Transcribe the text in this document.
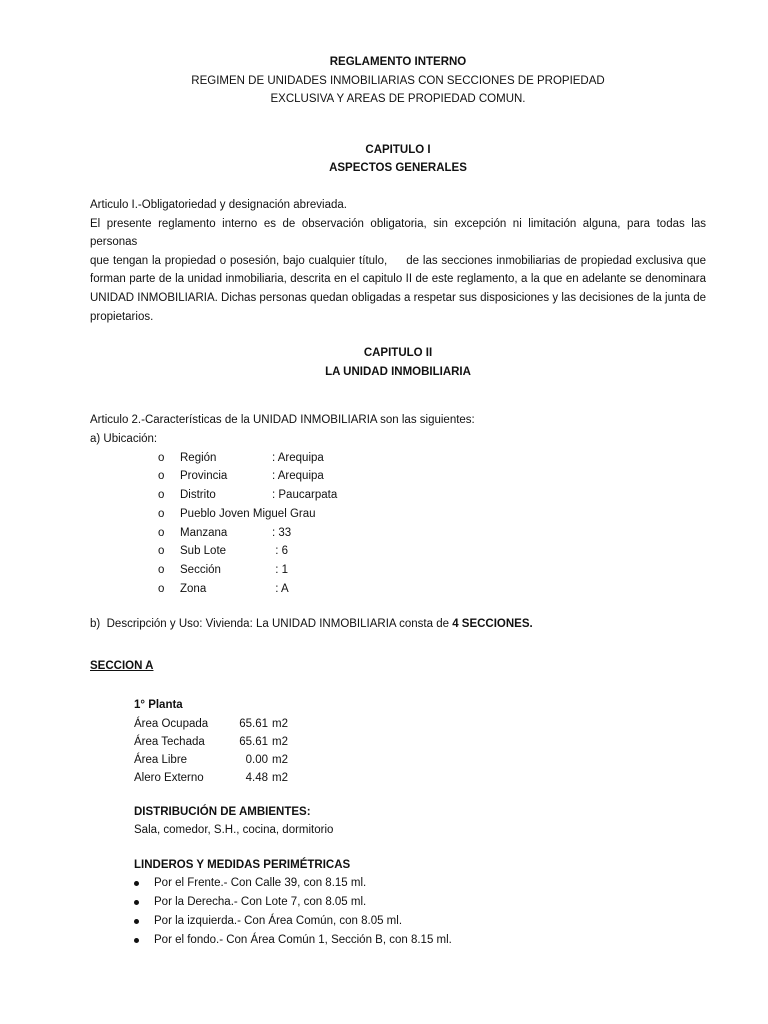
REGLAMENTO INTERNO

REGIMEN DE UNIDADES INMOBILIARIAS CON SECCIONES DE PROPIEDAD

EXCLUSIVA Y AREAS DE PROPIEDAD COMUN.

CAPITULO I

ASPECTOS GENERALES

Articulo I.-Obligatoriedad y designación abreviada.

El presente reglamento interno es de observación obligatoria, sin excepción ni limitación alguna, para todas las personas

que tengan la propiedad o posesión, bajo cualquier título,     de las secciones inmobiliarias de propiedad exclusiva que

forman parte de la unidad inmobiliaria, descrita en el capitulo II de este reglamento, a la que en adelante se denominara

UNIDAD INMOBILIARIA. Dichas personas quedan obligadas a respetar sus disposiciones y las decisiones de la junta de

propietarios.

CAPITULO II

LA UNIDAD INMOBILIARIA

Articulo 2.-Características de la UNIDAD INMOBILIARIA son las siguientes:

a) Ubicación:

o Región	: Arequipa
o Provincia	: Arequipa
o Distrito	: Paucarpata
o Pueblo Joven Miguel Grau
o Manzana	: 33
o Sub Lote	: 6
o Sección	: 1
o Zona	: A

b)  Descripción y Uso: Vivienda: La UNIDAD INMOBILIARIA consta de 4 SECCIONES.

SECCION A

1° Planta

Área Ocupada	65.61 m2
Área Techada	65.61 m2
Área Libre	0.00 m2
Alero Externo	4.48 m2

DISTRIBUCIÓN DE AMBIENTES:

Sala, comedor, S.H., cocina, dormitorio

LINDEROS Y MEDIDAS PERIMÉTRICAS

Por el Frente.- Con Calle 39, con 8.15 ml.
Por la Derecha.- Con Lote 7, con 8.05 ml.
Por la izquierda.- Con Área Común, con 8.05 ml.
Por el fondo.- Con Área Común 1, Sección B, con 8.15 ml.
